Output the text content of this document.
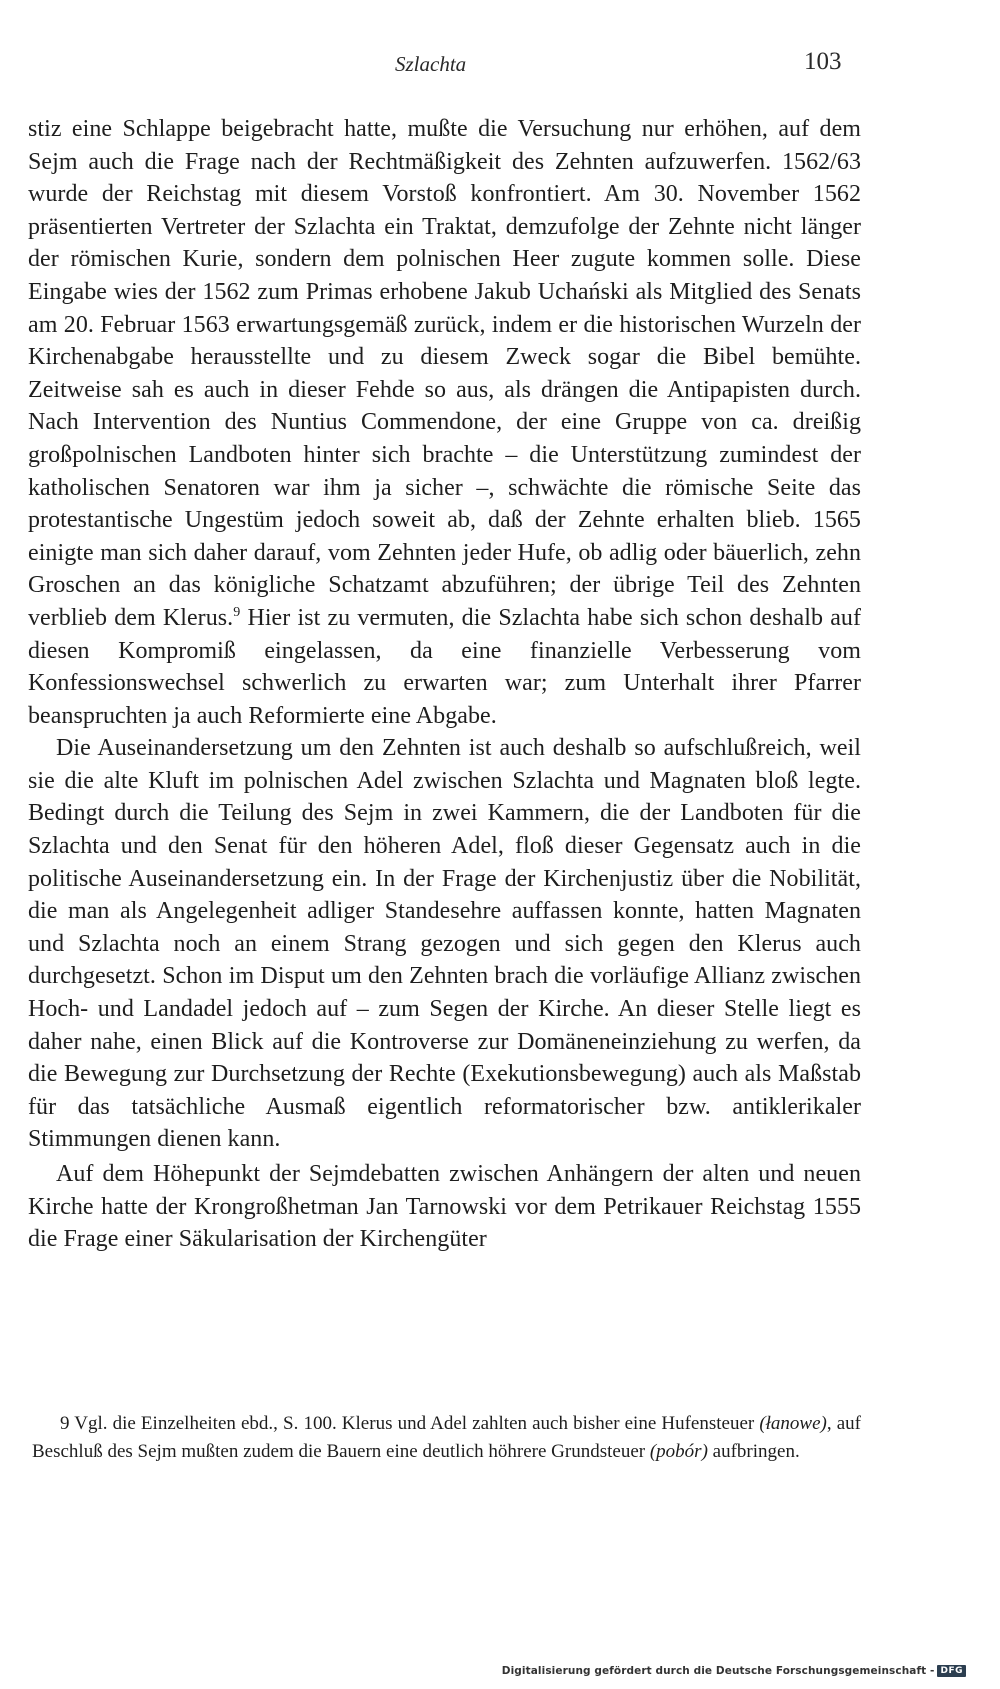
Szlachta	103

stiz eine Schlappe beigebracht hatte, mußte die Versuchung nur erhöhen, auf dem Sejm auch die Frage nach der Rechtmäßigkeit des Zehnten aufzuwerfen. 1562/63 wurde der Reichstag mit diesem Vorstoß konfrontiert. Am 30. November 1562 präsentierten Vertreter der Szlachta ein Traktat, demzufolge der Zehnte nicht länger der römischen Kurie, sondern dem polnischen Heer zugute kommen solle. Diese Eingabe wies der 1562 zum Primas erhobene Jakub Uchański als Mitglied des Senats am 20. Februar 1563 erwartungsgemäß zurück, indem er die historischen Wurzeln der Kirchenabgabe herausstellte und zu diesem Zweck sogar die Bibel bemühte. Zeitweise sah es auch in dieser Fehde so aus, als drängen die Antipapisten durch. Nach Intervention des Nuntius Commendone, der eine Gruppe von ca. dreißig großpolnischen Landboten hinter sich brachte – die Unterstützung zumindest der katholischen Senatoren war ihm ja sicher –, schwächte die römische Seite das protestantische Ungestüm jedoch soweit ab, daß der Zehnte erhalten blieb. 1565 einigte man sich daher darauf, vom Zehnten jeder Hufe, ob adlig oder bäuerlich, zehn Groschen an das königliche Schatzamt abzuführen; der übrige Teil des Zehnten verblieb dem Klerus.$^9$ Hier ist zu vermuten, die Szlachta habe sich schon deshalb auf diesen Kompromiß eingelassen, da eine finanzielle Verbesserung vom Konfessionswechsel schwerlich zu erwarten war; zum Unterhalt ihrer Pfarrer beanspruchten ja auch Reformierte eine Abgabe.

Die Auseinandersetzung um den Zehnten ist auch deshalb so aufschlußreich, weil sie die alte Kluft im polnischen Adel zwischen Szlachta und Magnaten bloß legte. Bedingt durch die Teilung des Sejm in zwei Kammern, die der Landboten für die Szlachta und den Senat für den höheren Adel, floß dieser Gegensatz auch in die politische Auseinandersetzung ein. In der Frage der Kirchenjustiz über die Nobilität, die man als Angelegenheit adliger Standesehre auffassen konnte, hatten Magnaten und Szlachta noch an einem Strang gezogen und sich gegen den Klerus auch durchgesetzt. Schon im Disput um den Zehnten brach die vorläufige Allianz zwischen Hoch- und Landadel jedoch auf – zum Segen der Kirche. An dieser Stelle liegt es daher nahe, einen Blick auf die Kontroverse zur Domäneneinziehung zu werfen, da die Bewegung zur Durchsetzung der Rechte (Exekutionsbewegung) auch als Maßstab für das tatsächliche Ausmaß eigentlich reformatorischer bzw. antiklerikaler Stimmungen dienen kann.

Auf dem Höhepunkt der Sejmdebatten zwischen Anhängern der alten und neuen Kirche hatte der Krongroßhetman Jan Tarnowski vor dem Petrikauer Reichstag 1555 die Frage einer Säkularisation der Kirchengüter

9 Vgl. die Einzelheiten ebd., S. 100. Klerus und Adel zahlten auch bisher eine Hufensteuer (łanowe), auf Beschluß des Sejm mußten zudem die Bauern eine deutlich höhrere Grundsteuer (pobór) aufbringen.

Digitalisierung gefördert durch die Deutsche Forschungsgemeinschaft - DFG
